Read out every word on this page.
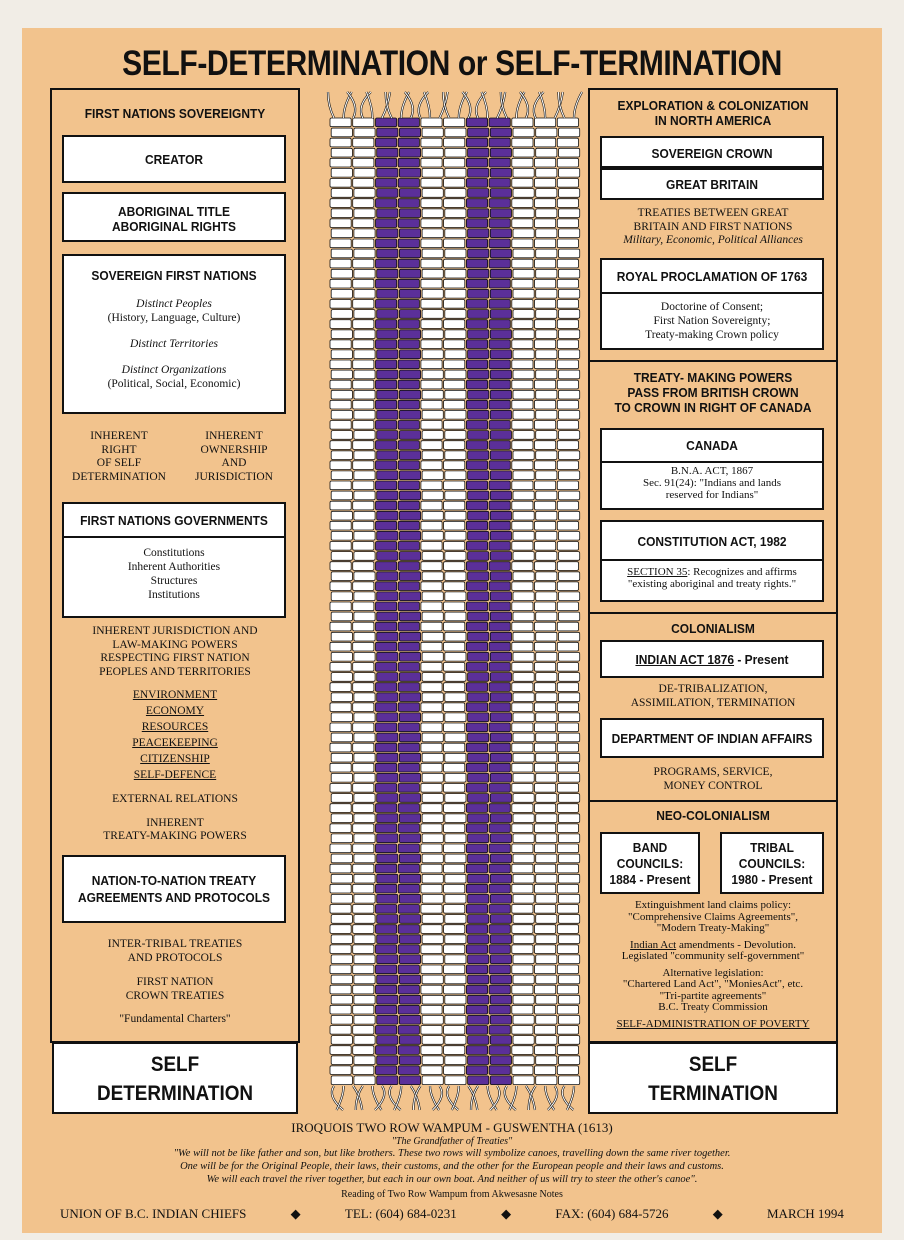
SELF-DETERMINATION or SELF-TERMINATION
FIRST NATIONS SOVEREIGNTY
CREATOR
ABORIGINAL TITLE
ABORIGINAL RIGHTS
SOVEREIGN FIRST NATIONS
Distinct Peoples
(History, Language, Culture)
Distinct Territories
Distinct Organizations
(Political, Social, Economic)
INHERENT
RIGHT
OF SELF
DETERMINATION
INHERENT
OWNERSHIP
AND
JURISDICTION
FIRST NATIONS GOVERNMENTS
Constitutions
Inherent Authorities
Structures
Institutions
INHERENT JURISDICTION AND
LAW-MAKING POWERS
RESPECTING FIRST NATION
PEOPLES AND TERRITORIES
ENVIRONMENT
ECONOMY
RESOURCES
PEACEKEEPING
CITIZENSHIP
SELF-DEFENCE
EXTERNAL RELATIONS
INHERENT
TREATY-MAKING POWERS
NATION-TO-NATION TREATY
AGREEMENTS AND PROTOCOLS
INTER-TRIBAL TREATIES
AND PROTOCOLS
FIRST NATION
CROWN TREATIES
"Fundamental Charters"
SELF
DETERMINATION
EXPLORATION & COLONIZATION
IN NORTH AMERICA
SOVEREIGN CROWN
GREAT BRITAIN
TREATIES BETWEEN GREAT
BRITAIN AND FIRST NATIONS
Military, Economic, Political Alliances
ROYAL PROCLAMATION OF 1763
Doctorine of Consent;
First Nation Sovereignty;
Treaty-making Crown policy
TREATY- MAKING POWERS
PASS FROM BRITISH CROWN
TO CROWN IN RIGHT OF CANADA
CANADA
B.N.A. ACT, 1867
Sec. 91(24): "Indians and lands
reserved for Indians"
CONSTITUTION ACT, 1982
SECTION 35: Recognizes and affirms
"existing aboriginal and treaty rights."
COLONIALISM
INDIAN ACT 1876 - Present
DE-TRIBALIZATION,
ASSIMILATION, TERMINATION
DEPARTMENT OF INDIAN AFFAIRS
PROGRAMS, SERVICE,
MONEY CONTROL
NEO-COLONIALISM
BAND
COUNCILS:
1884 - Present
TRIBAL
COUNCILS:
1980 - Present
Extinguishment land claims policy:
"Comprehensive Claims Agreements",
"Modern Treaty-Making"
Indian Act amendments - Devolution.
Legislated "community self-government"
Alternative legislation:
"Chartered Land Act", "MoniesAct", etc.
"Tri-partite agreements"
B.C. Treaty Commission
SELF-ADMINISTRATION OF POVERTY
SELF
TERMINATION
IROQUOIS TWO ROW WAMPUM - GUSWENTHA (1613)
"The Grandfather of Treaties"
"We will not be like father and son, but like brothers. These two rows will symbolize canoes, travelling down the same river together.
One will be for the Original People, their laws, their customs, and the other for the European people and their laws and customs.
We will each travel the river together, but each in our own boat. And neither of us will try to steer the other's canoe".
Reading of Two Row Wampum from Akwesasne Notes
UNION OF B.C. INDIAN CHIEFS	◆	TEL: (604) 684-0231	◆	FAX: (604) 684-5726	◆	MARCH 1994
